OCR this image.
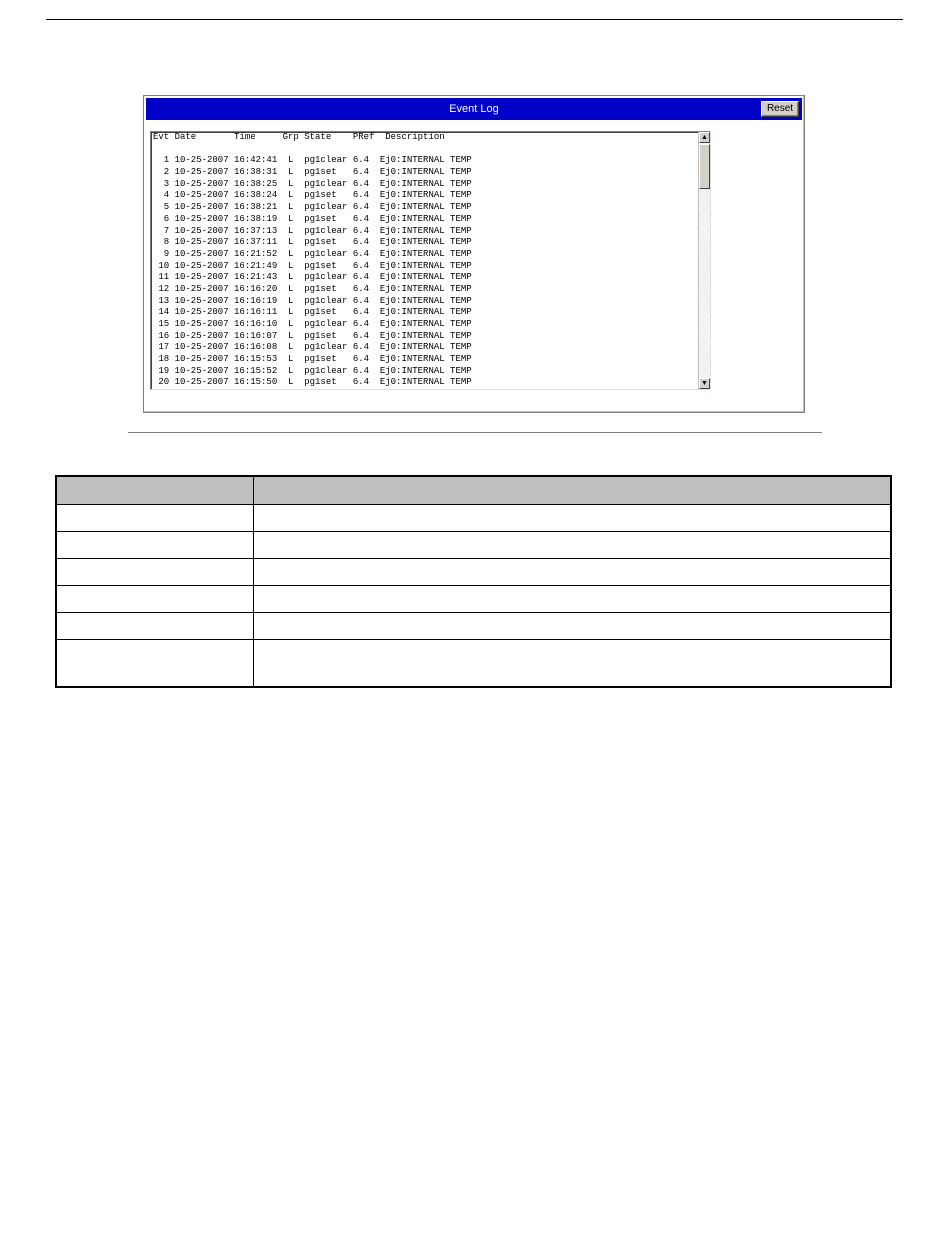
Event Log	Reset
Evt Date       Time     Grp State    PRef  Description
1 10-25-2007 16:42:41  L  pg1clear 6.4  Ej0:INTERNAL TEMP
2 10-25-2007 16:38:31  L  pg1set   6.4  Ej0:INTERNAL TEMP
3 10-25-2007 16:38:25  L  pg1clear 6.4  Ej0:INTERNAL TEMP
4 10-25-2007 16:38:24  L  pg1set   6.4  Ej0:INTERNAL TEMP
5 10-25-2007 16:38:21  L  pg1clear 6.4  Ej0:INTERNAL TEMP
6 10-25-2007 16:38:19  L  pg1set   6.4  Ej0:INTERNAL TEMP
7 10-25-2007 16:37:13  L  pg1clear 6.4  Ej0:INTERNAL TEMP
8 10-25-2007 16:37:11  L  pg1set   6.4  Ej0:INTERNAL TEMP
9 10-25-2007 16:21:52  L  pg1clear 6.4  Ej0:INTERNAL TEMP
10 10-25-2007 16:21:49  L  pg1set   6.4  Ej0:INTERNAL TEMP
11 10-25-2007 16:21:43  L  pg1clear 6.4  Ej0:INTERNAL TEMP
12 10-25-2007 16:16:20  L  pg1set   6.4  Ej0:INTERNAL TEMP
13 10-25-2007 16:16:19  L  pg1clear 6.4  Ej0:INTERNAL TEMP
14 10-25-2007 16:16:11  L  pg1set   6.4  Ej0:INTERNAL TEMP
15 10-25-2007 16:16:10  L  pg1clear 6.4  Ej0:INTERNAL TEMP
16 10-25-2007 16:16:07  L  pg1set   6.4  Ej0:INTERNAL TEMP
17 10-25-2007 16:16:08  L  pg1clear 6.4  Ej0:INTERNAL TEMP
18 10-25-2007 16:15:53  L  pg1set   6.4  Ej0:INTERNAL TEMP
19 10-25-2007 16:15:52  L  pg1clear 6.4  Ej0:INTERNAL TEMP
20 10-25-2007 16:15:50  L  pg1set   6.4  Ej0:INTERNAL TEMP
▲
▼
